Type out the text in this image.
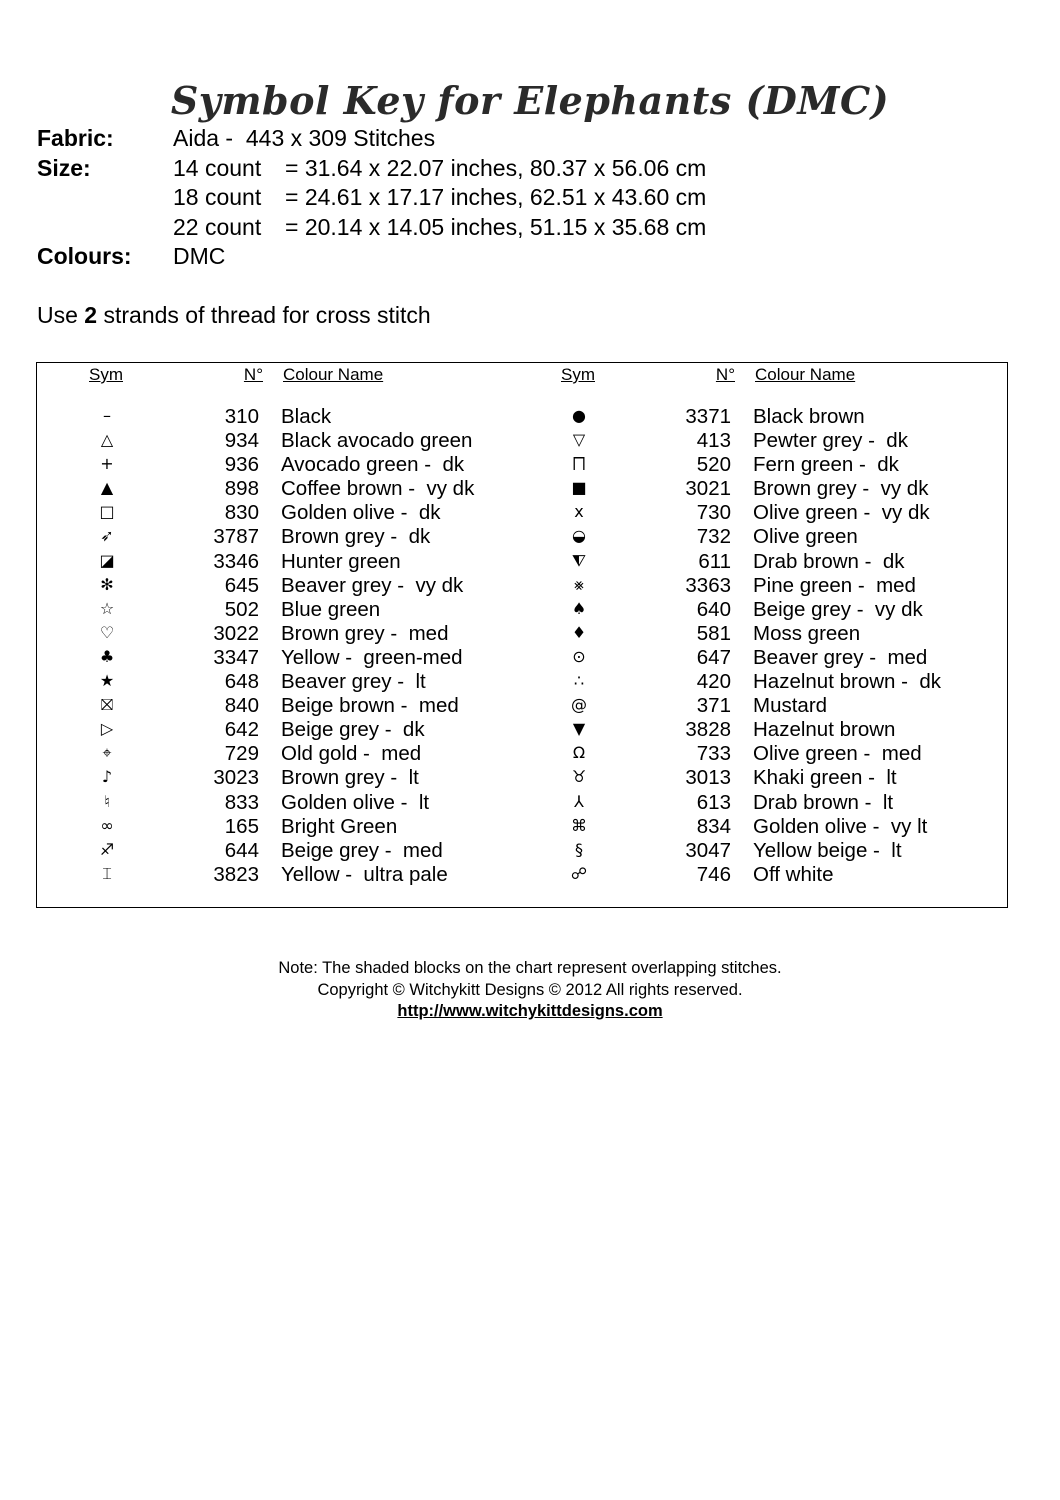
Symbol Key for Elephants (DMC)
Fabric:	Aida -  443 x 309 Stitches
Size:	14 count	= 31.64 x 22.07 inches, 80.37 x 56.06 cm
18 count	= 24.61 x 17.17 inches, 62.51 x 43.60 cm
22 count	= 20.14 x 14.05 inches, 51.15 x 35.68 cm
Colours:	DMC
Use 2 strands of thread for cross stitch
Sym	N° Colour Name
–	310 Black
△	934 Black avocado green
+	936 Avocado green -  dk
▲	898 Coffee brown -  vy dk
□	830 Golden olive -  dk
➶	3787 Brown grey -  dk
◪	3346 Hunter green
✻	645 Beaver grey -  vy dk
☆	502 Blue green
♡	3022 Brown grey -  med
♣	3347 Yellow -  green-med
★	648 Beaver grey -  lt
⛝	840 Beige brown -  med
▷	642 Beige grey -  dk
⌖	729 Old gold -  med
♪	3023 Brown grey -  lt
♮	833 Golden olive -  lt
∞	165 Bright Green
♐	644 Beige grey -  med
⌶	3823 Yellow -  ultra pale
Sym	N° Colour Name
●	3371 Black brown
▽	413 Pewter grey -  dk
⨅	520 Fern green -  dk
■	3021 Brown grey -  vy dk
x	730 Olive green -  vy dk
◒	732 Olive green
⧨	611 Drab brown -  dk
⨳	3363 Pine green -  med
♠	640 Beige grey -  vy dk
♦	581 Moss green
⊙	647 Beaver grey -  med
∴	420 Hazelnut brown -  dk
@	371 Mustard
▼	3828 Hazelnut brown
Ω	733 Olive green -  med
♉	3013 Khaki green -  lt
⅄	613 Drab brown -  lt
⌘	834 Golden olive -  vy lt
§	3047 Yellow beige -  lt
☍	746 Off white
Note: The shaded blocks on the chart represent overlapping stitches.
Copyright © Witchykitt Designs © 2012 All rights reserved.
http://www.witchykittdesigns.com
